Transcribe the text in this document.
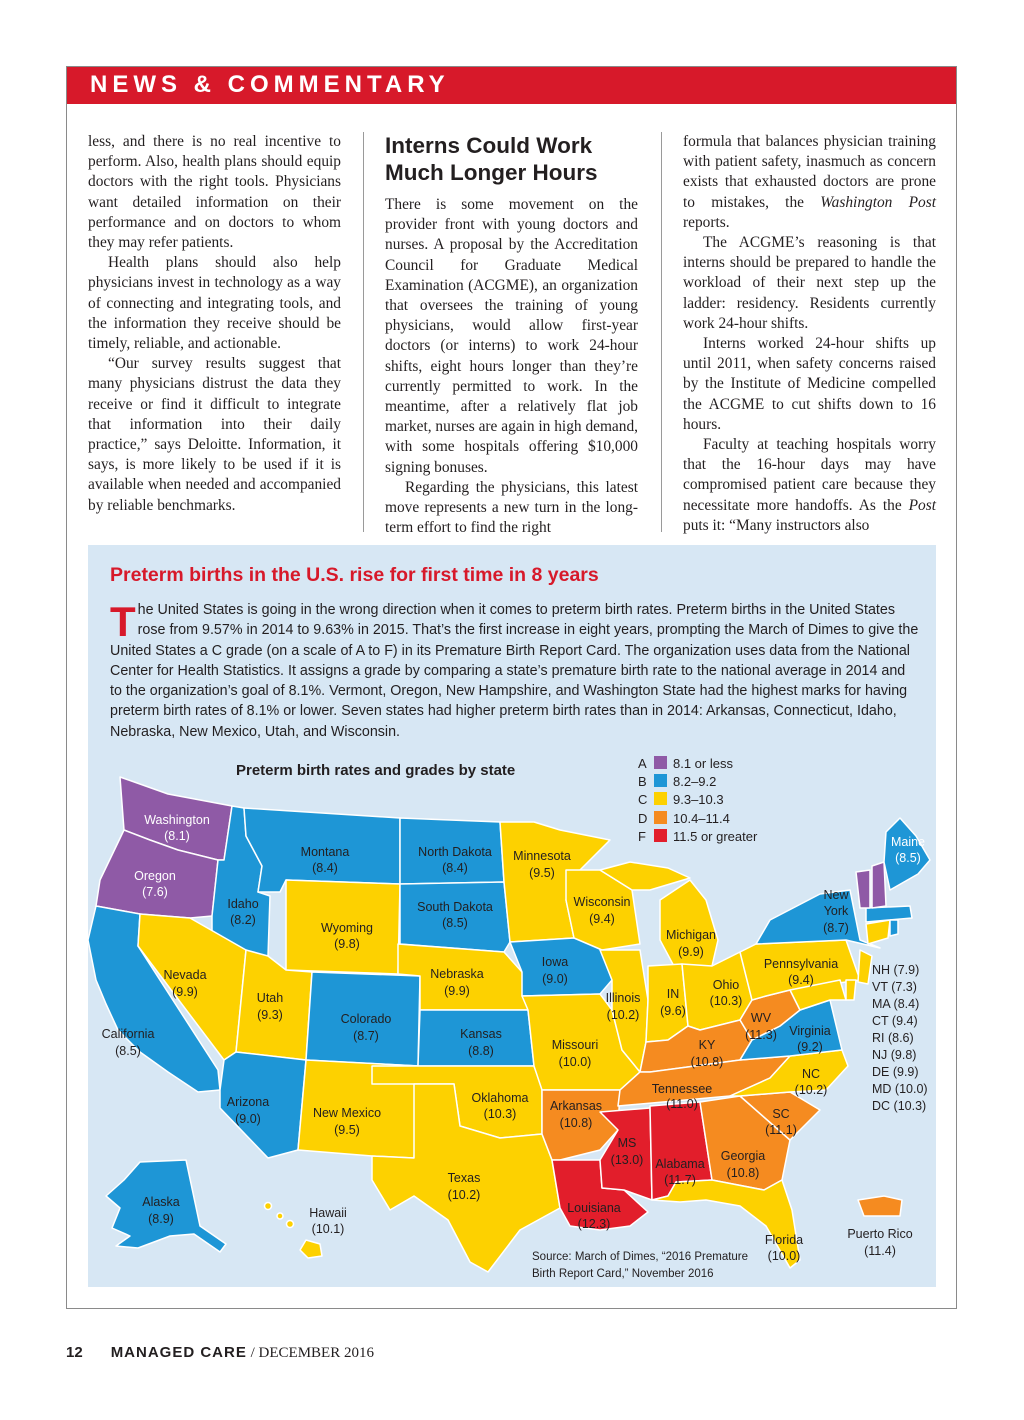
NEWS & COMMENTARY

less, and there is no real incentive to perform. Also, health plans should equip doctors with the right tools. Physicians want detailed information on their performance and on doctors to whom they may refer patients.

Health plans should also help physicians invest in technology as a way of connecting and integrating tools, and the information they receive should be timely, reliable, and actionable.

“Our survey results suggest that many physicians distrust the data they receive or find it difficult to integrate that information into their daily practice,” says Deloitte. Information, it says, is more likely to be used if it is available when needed and accompanied by reliable benchmarks.

Interns Could Work Much Longer Hours

There is some movement on the provider front with young doctors and nurses. A proposal by the Accreditation Council for Graduate Medical Examination (ACGME), an organization that oversees the training of young physicians, would allow first-year doctors (or interns) to work 24-hour shifts, eight hours longer than they’re currently permitted to work. In the meantime, after a relatively flat job market, nurses are again in high demand, with some hospitals offering $10,000 signing bonuses.

Regarding the physicians, this latest move represents a new turn in the long-term effort to find the right

formula that balances physician training with patient safety, inasmuch as concern exists that exhausted doctors are prone to mistakes, the Washington Post reports.

The ACGME’s reasoning is that interns should be prepared to handle the workload of their next step up the ladder: residency. Residents currently work 24-hour shifts.

Interns worked 24-hour shifts up until 2011, when safety concerns raised by the Institute of Medicine compelled the ACGME to cut shifts down to 16 hours.

Faculty at teaching hospitals worry that the 16-hour days may have compromised patient care because they necessitate more handoffs. As the Post puts it: “Many instructors also

Preterm births in the U.S. rise for first time in 8 years
The United States is going in the wrong direction when it comes to preterm birth rates. Preterm births in the United States rose from 9.57% in 2014 to 9.63% in 2015. That’s the first increase in eight years, prompting the March of Dimes to give the United States a C grade (on a scale of A to F) in its Premature Birth Report Card. The organization uses data from the National Center for Health Statistics. It assigns a grade by comparing a state’s premature birth rate to the national average in 2014 and to the organization’s goal of 8.1%. Vermont, Oregon, New Hampshire, and Washington State had the highest marks for having preterm birth rates of 8.1% or lower. Seven states had higher preterm birth rates than in 2014: Arkansas, Connecticut, Idaho, Nebraska, New Mexico, Utah, and Wisconsin.
Preterm birth rates and grades by state	A 8.1 or less
B 8.2–9.2
C 9.3–10.3
D 10.4–11.4
F 11.5 or greater
Washington
(8.1)
Oregon
(7.6)
California
(8.5)
Idaho
(8.2)
Nevada
(9.9)
Montana
(8.4)
Wyoming
(9.8)
Utah
(9.3)
Arizona
(9.0)
Colorado
(8.7)
New Mexico
(9.5)
North Dakota
(8.4)
South Dakota
(8.5)
Nebraska
(9.9)
Kansas
(8.8)
Oklahoma
(10.3)
Texas
(10.2)
Minnesota
(9.5)
Iowa
(9.0)
Missouri
(10.0)
Arkansas
(10.8)
Louisiana
(12.3)
Wisconsin
(9.4)
Illinois
(10.2)
Michigan
(9.9)
IN
(9.6)
Ohio
(10.3)
KY
(10.8)
Tennessee
(11.0)
MS
(13.0) Alabama
(11.7)
Georgia
(10.8)
Florida
(10.0)
SC
(11.1)
NC
(10.2)
Virginia
(9.2)
WV
(11.3)
Pennsylvania
(9.4)
New
York
(8.7)
Maine
(8.5)
Alaska
(8.9)	Hawaii
(10.1)	Puerto Rico
(11.4)
NH (7.9)
VT (7.3)
MA (8.4)
CT (9.4)
RI (8.6)
NJ (9.8)
DE (9.9)
MD (10.0)
DC (10.3)
Source: March of Dimes, “2016 Premature
Birth Report Card,” November 2016
12 MANAGED CARE / DECEMBER 2016
